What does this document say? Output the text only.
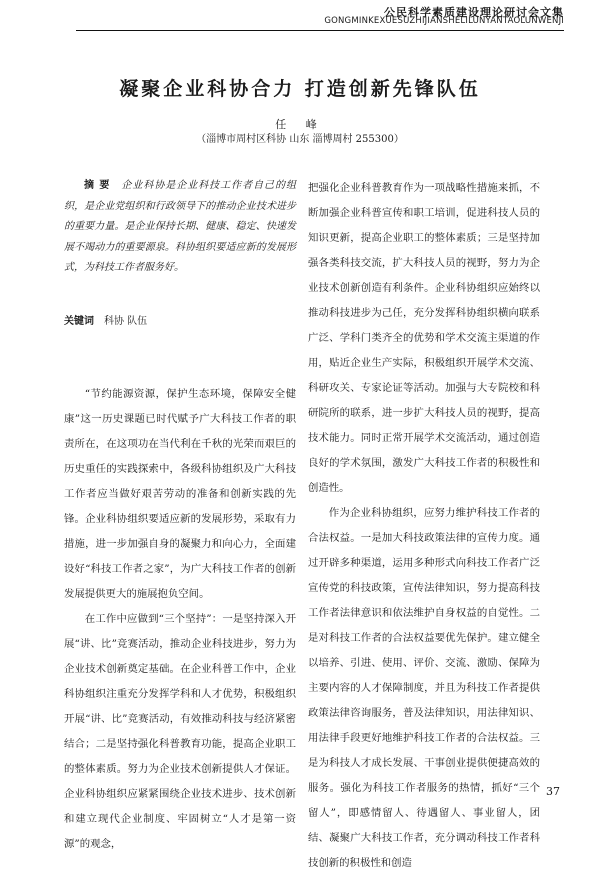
公民科学素质建设理论研讨会文集
GONGMINKEXUESUZHIJIANSHELILUNYANTAOLUNWENJI
凝聚企业科协合力 打造创新先锋队伍
任 峰
（淄博市周村区科协 山东 淄博周村 255300）

摘 要　 企业科协是企业科技工作者自己的组织，是企业党组织和行政领导下的推动企业技术进步的重要力量。是企业保持长期、健康、稳定、快速发展不竭动力的重要源泉。科协组织要适应新的发展形式，为科技工作者服务好。

关键词　 科协 队伍

“节约能源资源，保护生态环境，保障安全健康”这一历史课题已时代赋予广大科技工作者的职责所在，在这项功在当代利在千秋的光荣而艰巨的历史重任的实践探索中，各级科协组织及广大科技工作者应当做好艰苦劳动的准备和创新实践的先锋。企业科协组织要适应新的发展形势，采取有力措施，进一步加强自身的凝聚力和向心力，全面建设好“科技工作者之家”，为广大科技工作者的创新发展提供更大的施展抱负空间。

在工作中应做到“三个坚持”：一是坚持深入开展“讲、比”竞赛活动，推动企业科技进步，努力为企业技术创新奠定基础。在企业科普工作中，企业科协组织注重充分发挥学科和人才优势，积极组织开展“讲、比”竞赛活动，有效推动科技与经济紧密结合；二是坚持强化科普教育功能，提高企业职工的整体素质。努力为企业技术创新提供人才保证。企业科协组织应紧紧围绕企业技术进步、技术创新和建立现代企业制度、牢固树立“人才是第一资源”的观念，

把强化企业科普教育作为一项战略性措施来抓，不断加强企业科普宣传和职工培训，促进科技人员的知识更新，提高企业职工的整体素质；三是坚持加强各类科技交流，扩大科技人员的视野，努力为企业技术创新创造有利条件。企业科协组织应始终以推动科技进步为己任，充分发挥科协组织横向联系广泛、学科门类齐全的优势和学术交流主渠道的作用，贴近企业生产实际，积极组织开展学术交流、科研攻关、专家论证等活动。加强与大专院校和科研院所的联系，进一步扩大科技人员的视野，提高技术能力。同时正常开展学术交流活动，通过创造良好的学术氛围，激发广大科技工作者的积极性和创造性。

作为企业科协组织，应努力维护科技工作者的合法权益。一是加大科技政策法律的宣传力度。通过开辟多种渠道，运用多种形式向科技工作者广泛宣传党的科技政策，宣传法律知识，努力提高科技工作者法律意识和依法维护自身权益的自觉性。二是对科技工作者的合法权益要优先保护。建立健全以培养、引进、使用、评价、交流、激励、保障为主要内容的人才保障制度，并且为科技工作者提供政策法律咨询服务，普及法律知识，用法律知识、用法律手段更好地维护科技工作者的合法权益。三是为科技人才成长发展、干事创业提供便捷高效的服务。强化为科技工作者服务的热情，抓好“三个留人”，即感情留人、待遇留人、事业留人，团结、凝聚广大科技工作者，充分调动科技工作者科技创新的积极性和创造

37
